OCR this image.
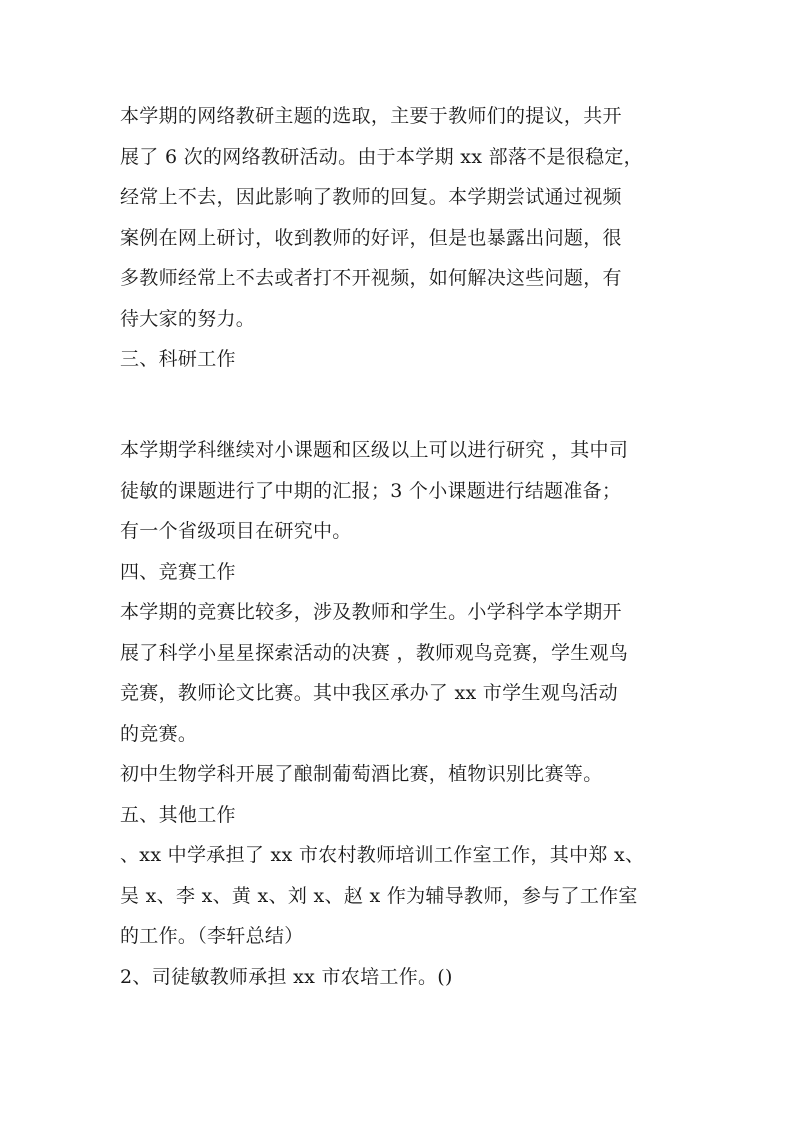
本学期的网络教研主题的选取，主要于教师们的提议，共开
展了 6 次的网络教研活动。由于本学期 xx 部落不是很稳定，
经常上不去，因此影响了教师的回复。本学期尝试通过视频
案例在网上研讨，收到教师的好评，但是也暴露出问题，很
多教师经常上不去或者打不开视频，如何解决这些问题，有
待大家的努力。
三、科研工作
本学期学科继续对小课题和区级以上可以进行研究 ，其中司
徒敏的课题进行了中期的汇报；3 个小课题进行结题准备；
有一个省级项目在研究中。
四、竞赛工作
本学期的竞赛比较多，涉及教师和学生。小学科学本学期开
展了科学小星星探索活动的决赛 ，教师观鸟竞赛，学生观鸟
竞赛，教师论文比赛。其中我区承办了 xx 市学生观鸟活动
的竞赛。
初中生物学科开展了酿制葡萄酒比赛，植物识别比赛等。
五、其他工作
、xx 中学承担了 xx 市农村教师培训工作室工作，其中郑 x、
吴 x、李 x、黄 x、刘 x、赵 x 作为辅导教师，参与了工作室
的工作。（李轩总结）
2、司徒敏教师承担 xx 市农培工作。()
